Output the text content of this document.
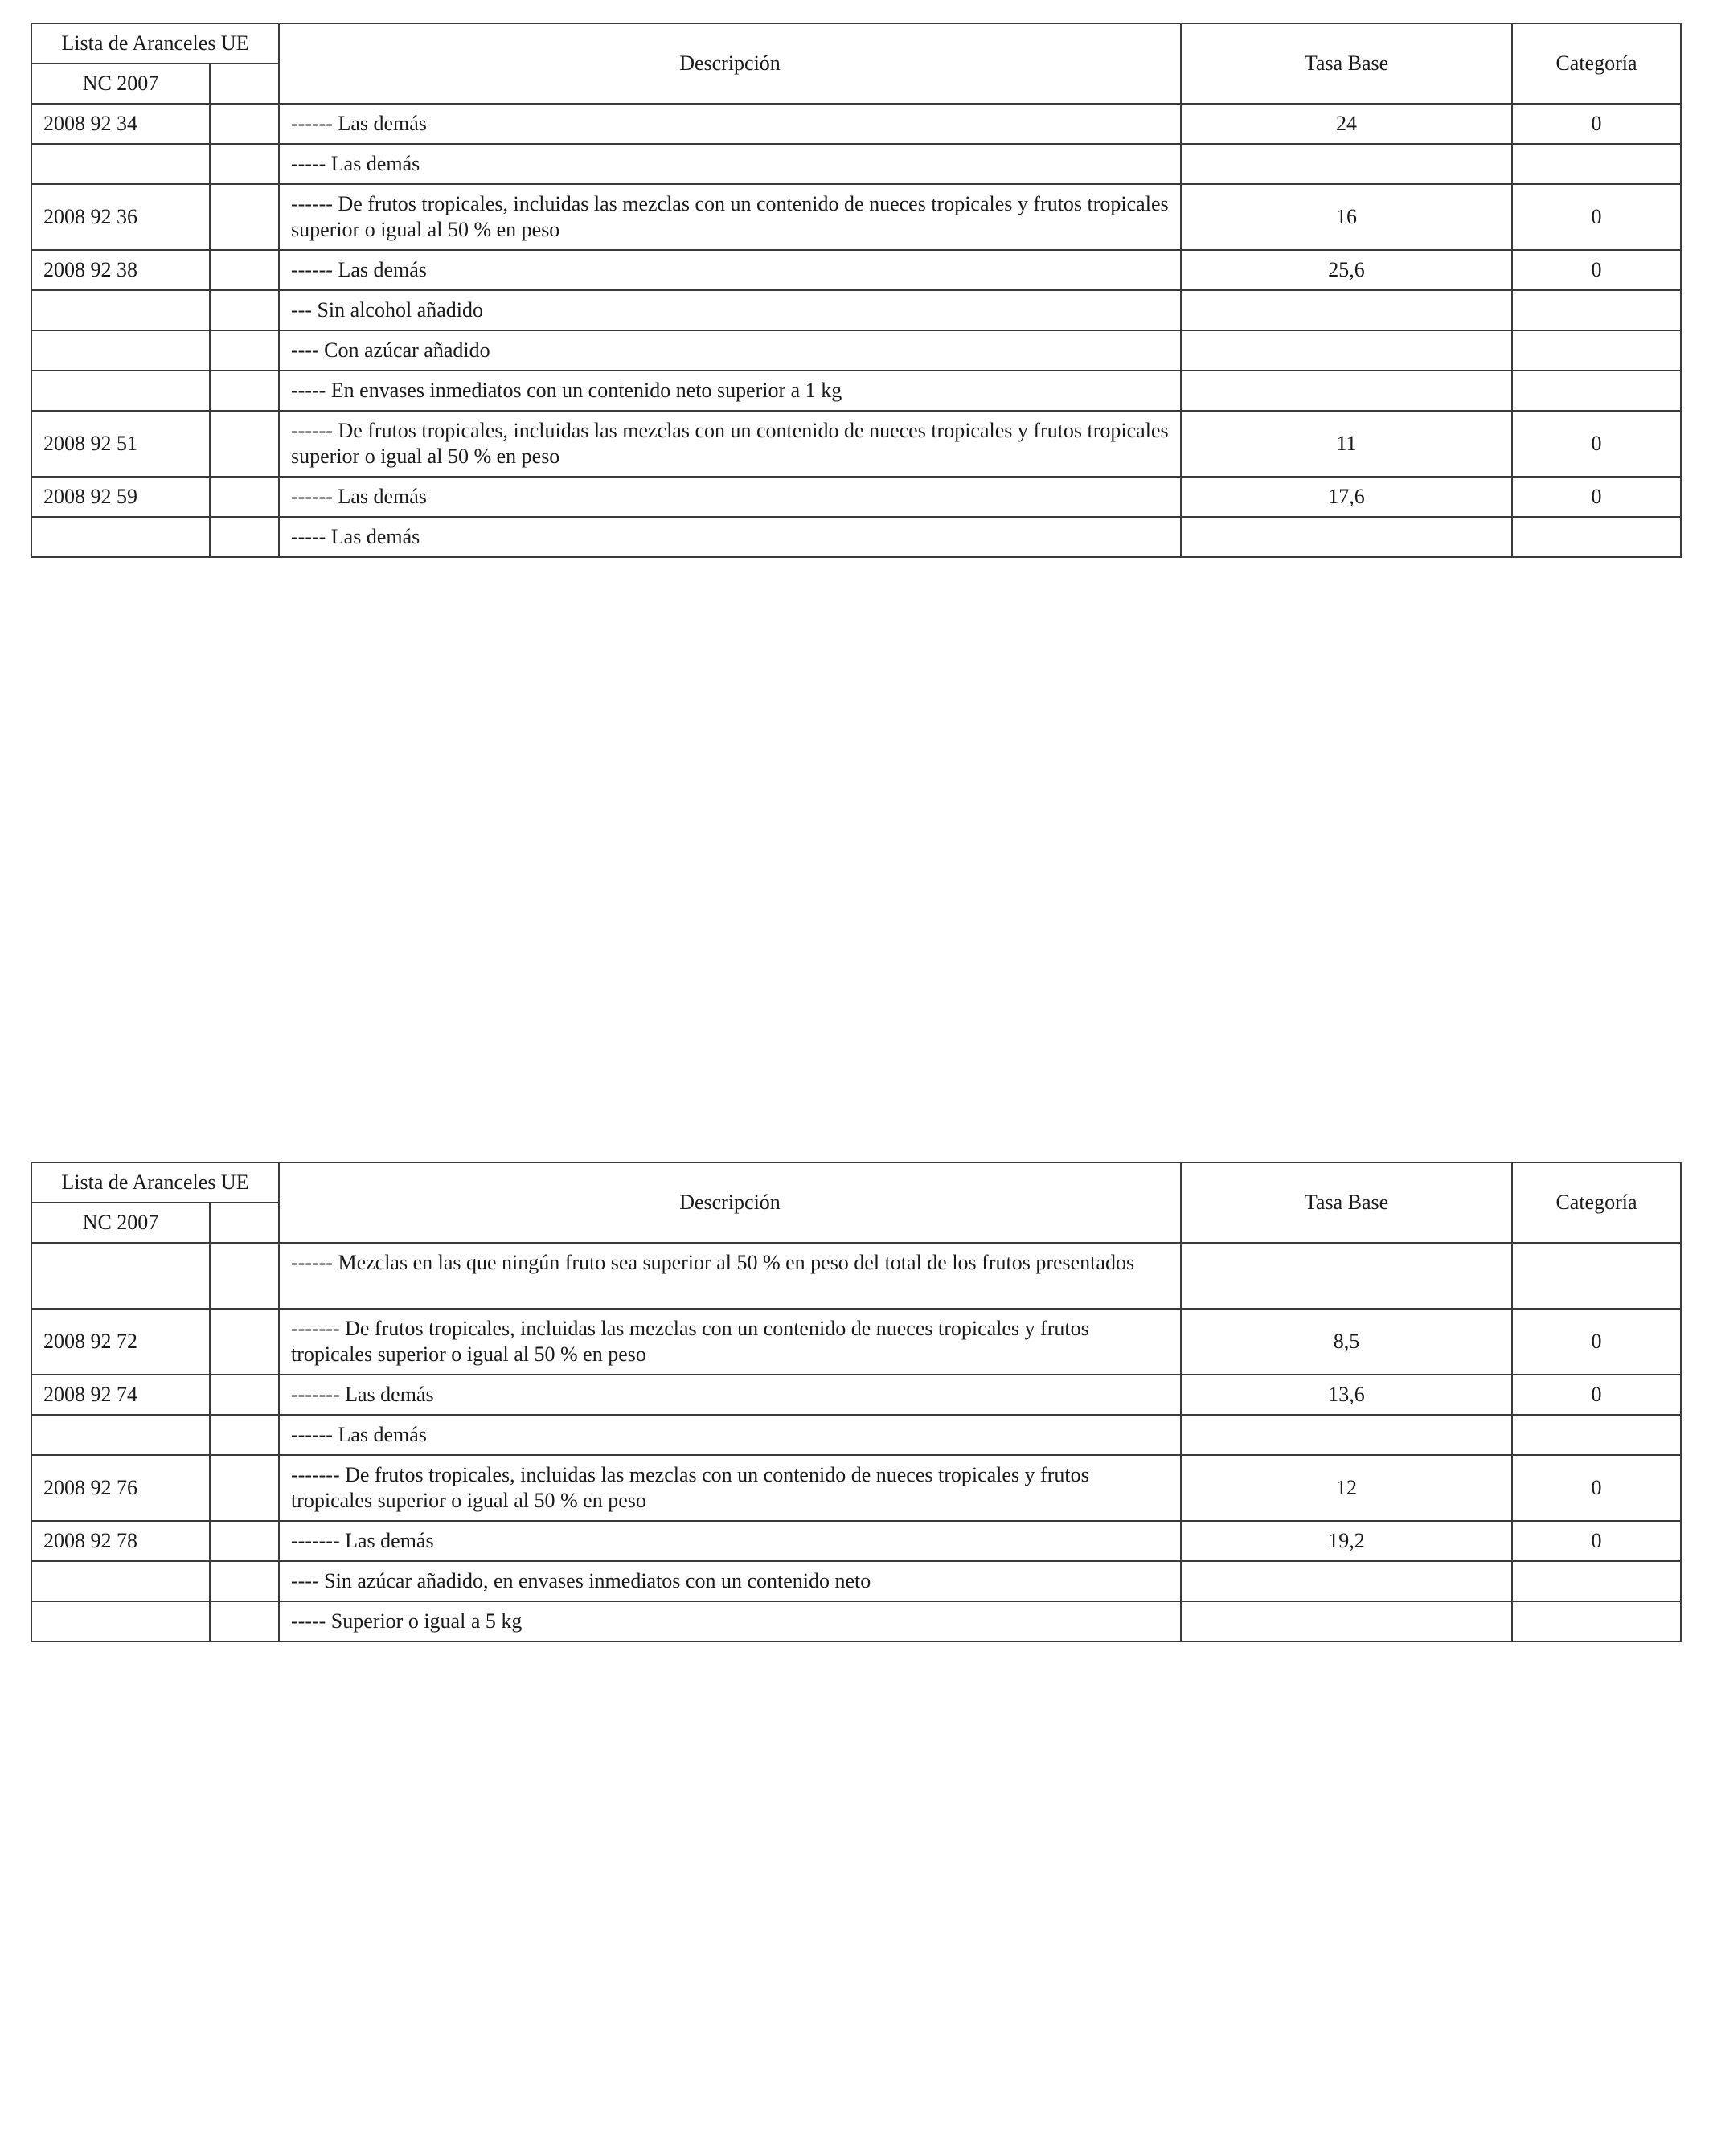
Lista de Aranceles UE		Descripción	Tasa Base	Categoría
NC 2007				
2008 92 34		------ Las demás	24	0
		----- Las demás		
2008 92 36		------ De frutos tropicales, incluidas las mezclas con un contenido de nueces tropicales y frutos tropicales superior o igual al 50 % en peso	16	0
2008 92 38		------ Las demás	25,6	0
		--- Sin alcohol añadido		
		---- Con azúcar añadido		
		----- En envases inmediatos con un contenido neto superior a 1 kg		
2008 92 51		------ De frutos tropicales, incluidas las mezclas con un contenido de nueces tropicales y frutos tropicales superior o igual al 50 % en peso	11	0
2008 92 59		------ Las demás	17,6	0
		----- Las demás		
Lista de Aranceles UE		Descripción	Tasa Base	Categoría
NC 2007				
		------ Mezclas en las que ningún fruto sea superior al 50 % en peso del total de los frutos presentados		
2008 92 72		------- De frutos tropicales, incluidas las mezclas con un contenido de nueces tropicales y frutos tropicales superior o igual al 50 % en peso	8,5	0
2008 92 74		------- Las demás	13,6	0
		------ Las demás		
2008 92 76		------- De frutos tropicales, incluidas las mezclas con un contenido de nueces tropicales y frutos tropicales superior o igual al 50 % en peso	12	0
2008 92 78		------- Las demás	19,2	0
		---- Sin azúcar añadido, en envases inmediatos con un contenido neto		
		----- Superior o igual a 5 kg		
